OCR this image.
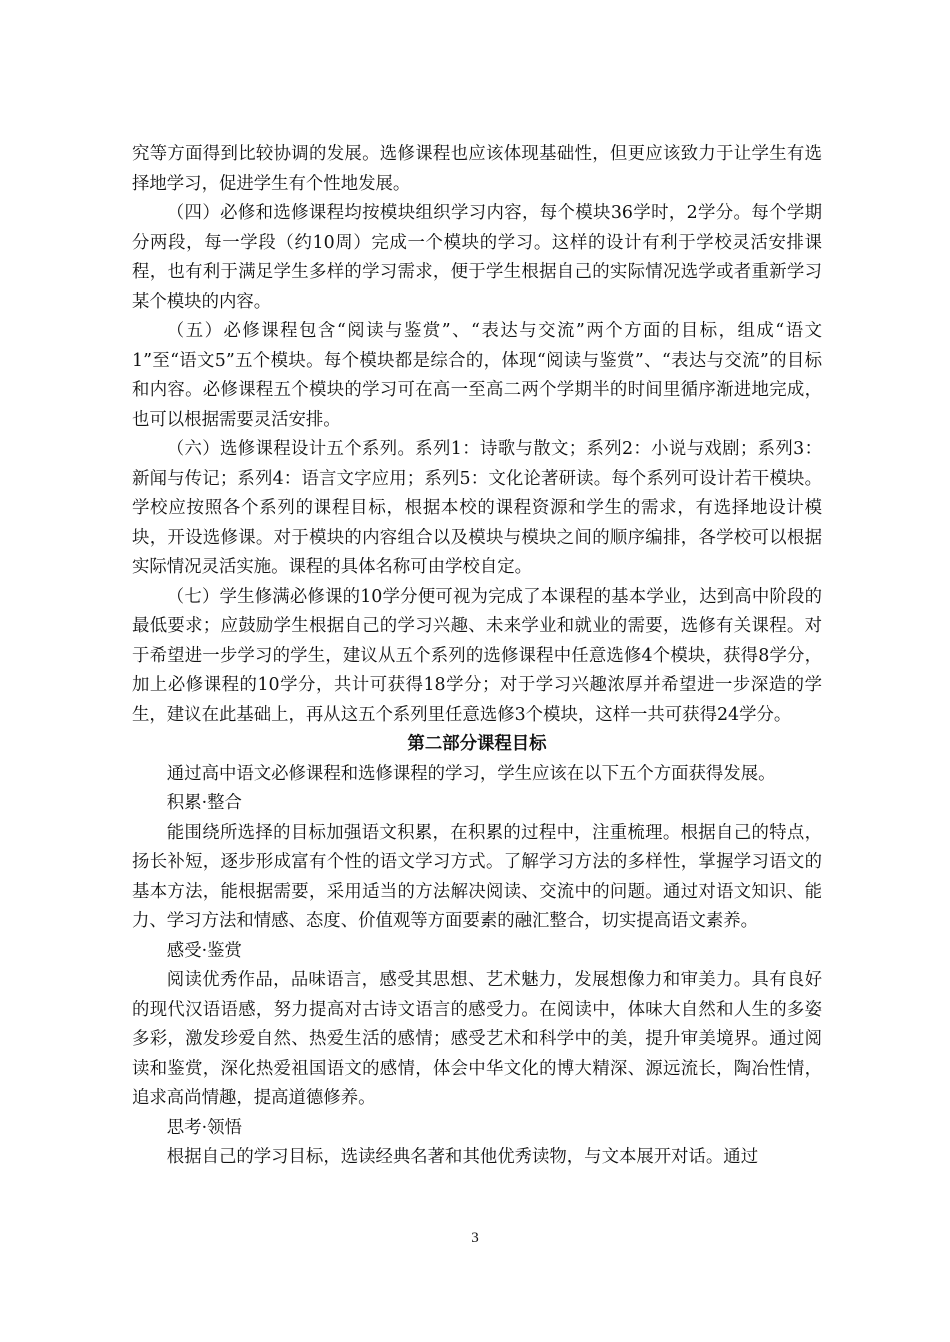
究等方面得到比较协调的发展。选修课程也应该体现基础性，但更应该致力于让学生有选择地学习，促进学生有个性地发展。

（四）必修和选修课程均按模块组织学习内容，每个模块36学时，2学分。每个学期分两段，每一学段（约10周）完成一个模块的学习。这样的设计有利于学校灵活安排课程，也有利于满足学生多样的学习需求，便于学生根据自己的实际情况选学或者重新学习某个模块的内容。

（五）必修课程包含“阅读与鉴赏”、“表达与交流”两个方面的目标，组成“语文1”至“语文5”五个模块。每个模块都是综合的，体现“阅读与鉴赏”、“表达与交流”的目标和内容。必修课程五个模块的学习可在高一至高二两个学期半的时间里循序渐进地完成，也可以根据需要灵活安排。

（六）选修课程设计五个系列。系列1：诗歌与散文；系列2：小说与戏剧；系列3：新闻与传记；系列4：语言文字应用；系列5：文化论著研读。每个系列可设计若干模块。学校应按照各个系列的课程目标，根据本校的课程资源和学生的需求，有选择地设计模块，开设选修课。对于模块的内容组合以及模块与模块之间的顺序编排，各学校可以根据实际情况灵活实施。课程的具体名称可由学校自定。

（七）学生修满必修课的10学分便可视为完成了本课程的基本学业，达到高中阶段的最低要求；应鼓励学生根据自己的学习兴趣、未来学业和就业的需要，选修有关课程。对于希望进一步学习的学生，建议从五个系列的选修课程中任意选修4个模块，获得8学分，加上必修课程的10学分，共计可获得18学分；对于学习兴趣浓厚并希望进一步深造的学生，建议在此基础上，再从这五个系列里任意选修3个模块，这样一共可获得24学分。

第二部分课程目标

通过高中语文必修课程和选修课程的学习，学生应该在以下五个方面获得发展。

积累·整合

能围绕所选择的目标加强语文积累，在积累的过程中，注重梳理。根据自己的特点，扬长补短，逐步形成富有个性的语文学习方式。了解学习方法的多样性，掌握学习语文的基本方法，能根据需要，采用适当的方法解决阅读、交流中的问题。通过对语文知识、能力、学习方法和情感、态度、价值观等方面要素的融汇整合，切实提高语文素养。

感受·鉴赏

阅读优秀作品，品味语言，感受其思想、艺术魅力，发展想像力和审美力。具有良好的现代汉语语感，努力提高对古诗文语言的感受力。在阅读中，体味大自然和人生的多姿多彩，激发珍爱自然、热爱生活的感情；感受艺术和科学中的美，提升审美境界。通过阅读和鉴赏，深化热爱祖国语文的感情，体会中华文化的博大精深、源远流长，陶冶性情，追求高尚情趣，提高道德修养。

思考·领悟

根据自己的学习目标，选读经典名著和其他优秀读物，与文本展开对话。通过

3
